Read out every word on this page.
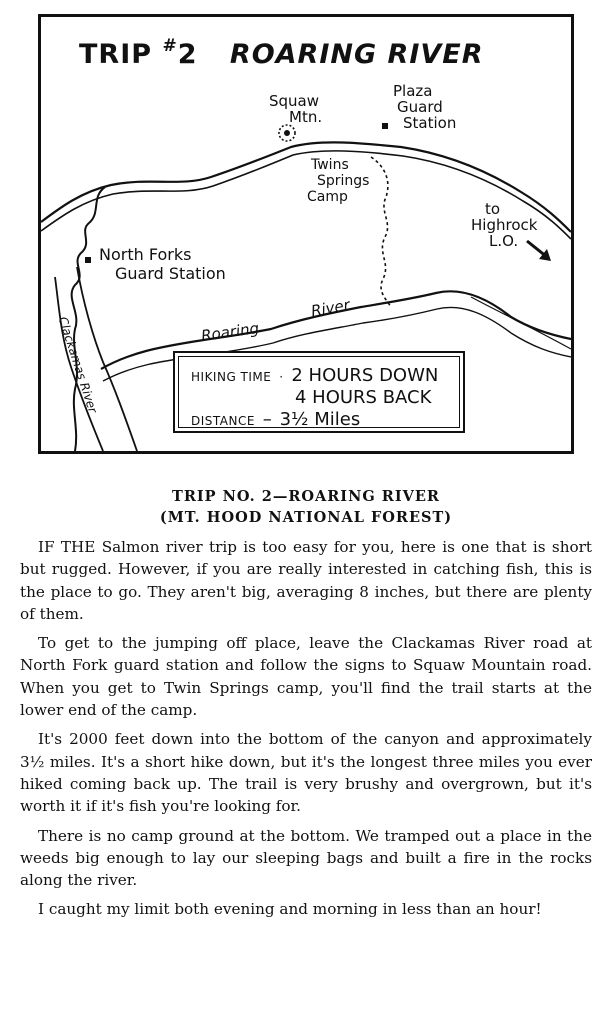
TRIP #2 ROARING RIVER
Squaw
Mtn.
Plaza
Guard
Station
Twins
Springs
Camp
to
Highrock
L.O.
North Forks
Guard Station
Roaring
River
Clackamas River	HIKING TIME · 2 HOURS DOWN
4 HOURS BACK
DISTANCE – 3½ Miles

TRIP NO. 2—ROARING RIVER

(MT. HOOD NATIONAL FOREST)

IF THE Salmon river trip is too easy for you, here is one that is short but rugged. However, if you are really interested in catching fish, this is the place to go. They aren't big, averaging 8 inches, but there are plenty of them.

To get to the jumping off place, leave the Clackamas River road at North Fork guard station and follow the signs to Squaw Mountain road. When you get to Twin Springs camp, you'll find the trail starts at the lower end of the camp.

It's 2000 feet down into the bottom of the canyon and approximately 3½ miles. It's a short hike down, but it's the longest three miles you ever hiked coming back up. The trail is very brushy and overgrown, but it's worth it if it's fish you're looking for.

There is no camp ground at the bottom. We tramped out a place in the weeds big enough to lay our sleeping bags and built a fire in the rocks along the river.

I caught my limit both evening and morning in less than an hour!
